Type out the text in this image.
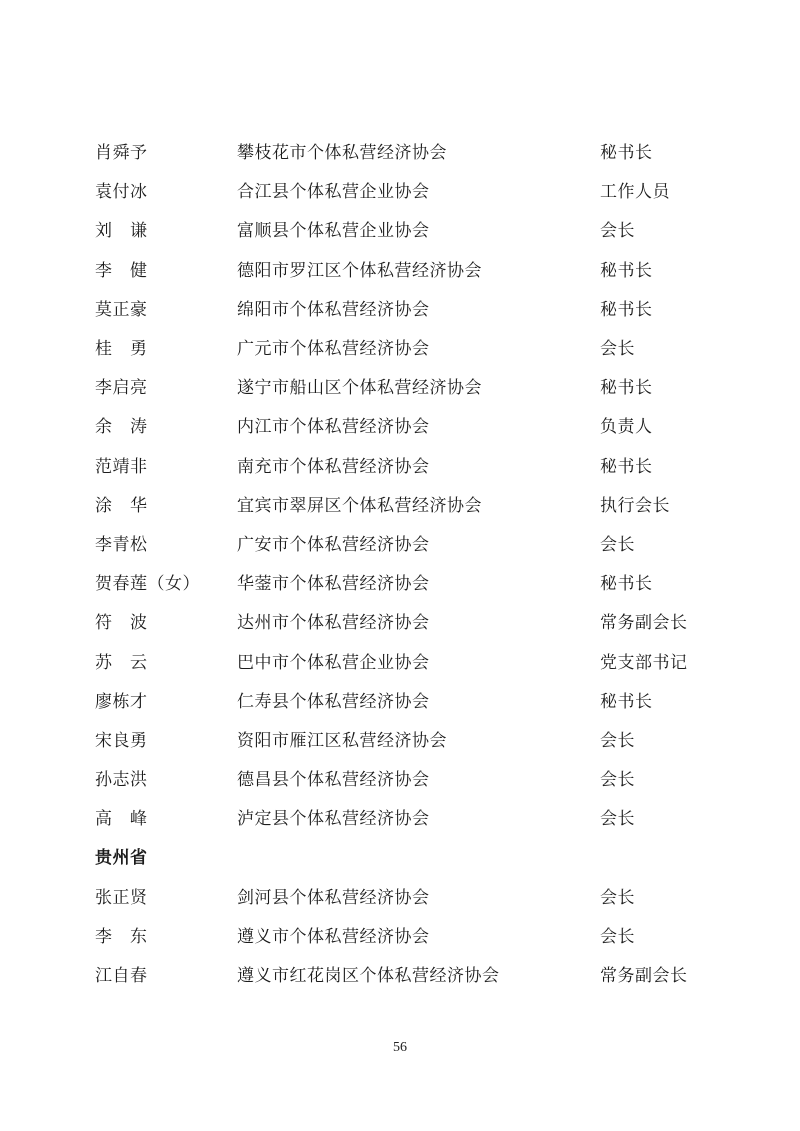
肖舜予	攀枝花市个体私营经济协会	秘书长
袁付冰	合江县个体私营企业协会	工作人员
刘　谦	富顺县个体私营企业协会	会长
李　健	德阳市罗江区个体私营经济协会	秘书长
莫正豪	绵阳市个体私营经济协会	秘书长
桂　勇	广元市个体私营经济协会	会长
李启亮	遂宁市船山区个体私营经济协会	秘书长
余　涛	内江市个体私营经济协会	负责人
范靖非	南充市个体私营经济协会	秘书长
涂　华	宜宾市翠屏区个体私营经济协会	执行会长
李青松	广安市个体私营经济协会	会长
贺春莲（女）	华蓥市个体私营经济协会	秘书长
符　波	达州市个体私营经济协会	常务副会长
苏　云	巴中市个体私营企业协会	党支部书记
廖栋才	仁寿县个体私营经济协会	秘书长
宋良勇	资阳市雁江区私营经济协会	会长
孙志洪	德昌县个体私营经济协会	会长
高　峰	泸定县个体私营经济协会	会长
贵州省
张正贤	剑河县个体私营经济协会	会长
李　东	遵义市个体私营经济协会	会长
江自春	遵义市红花岗区个体私营经济协会	常务副会长
56
